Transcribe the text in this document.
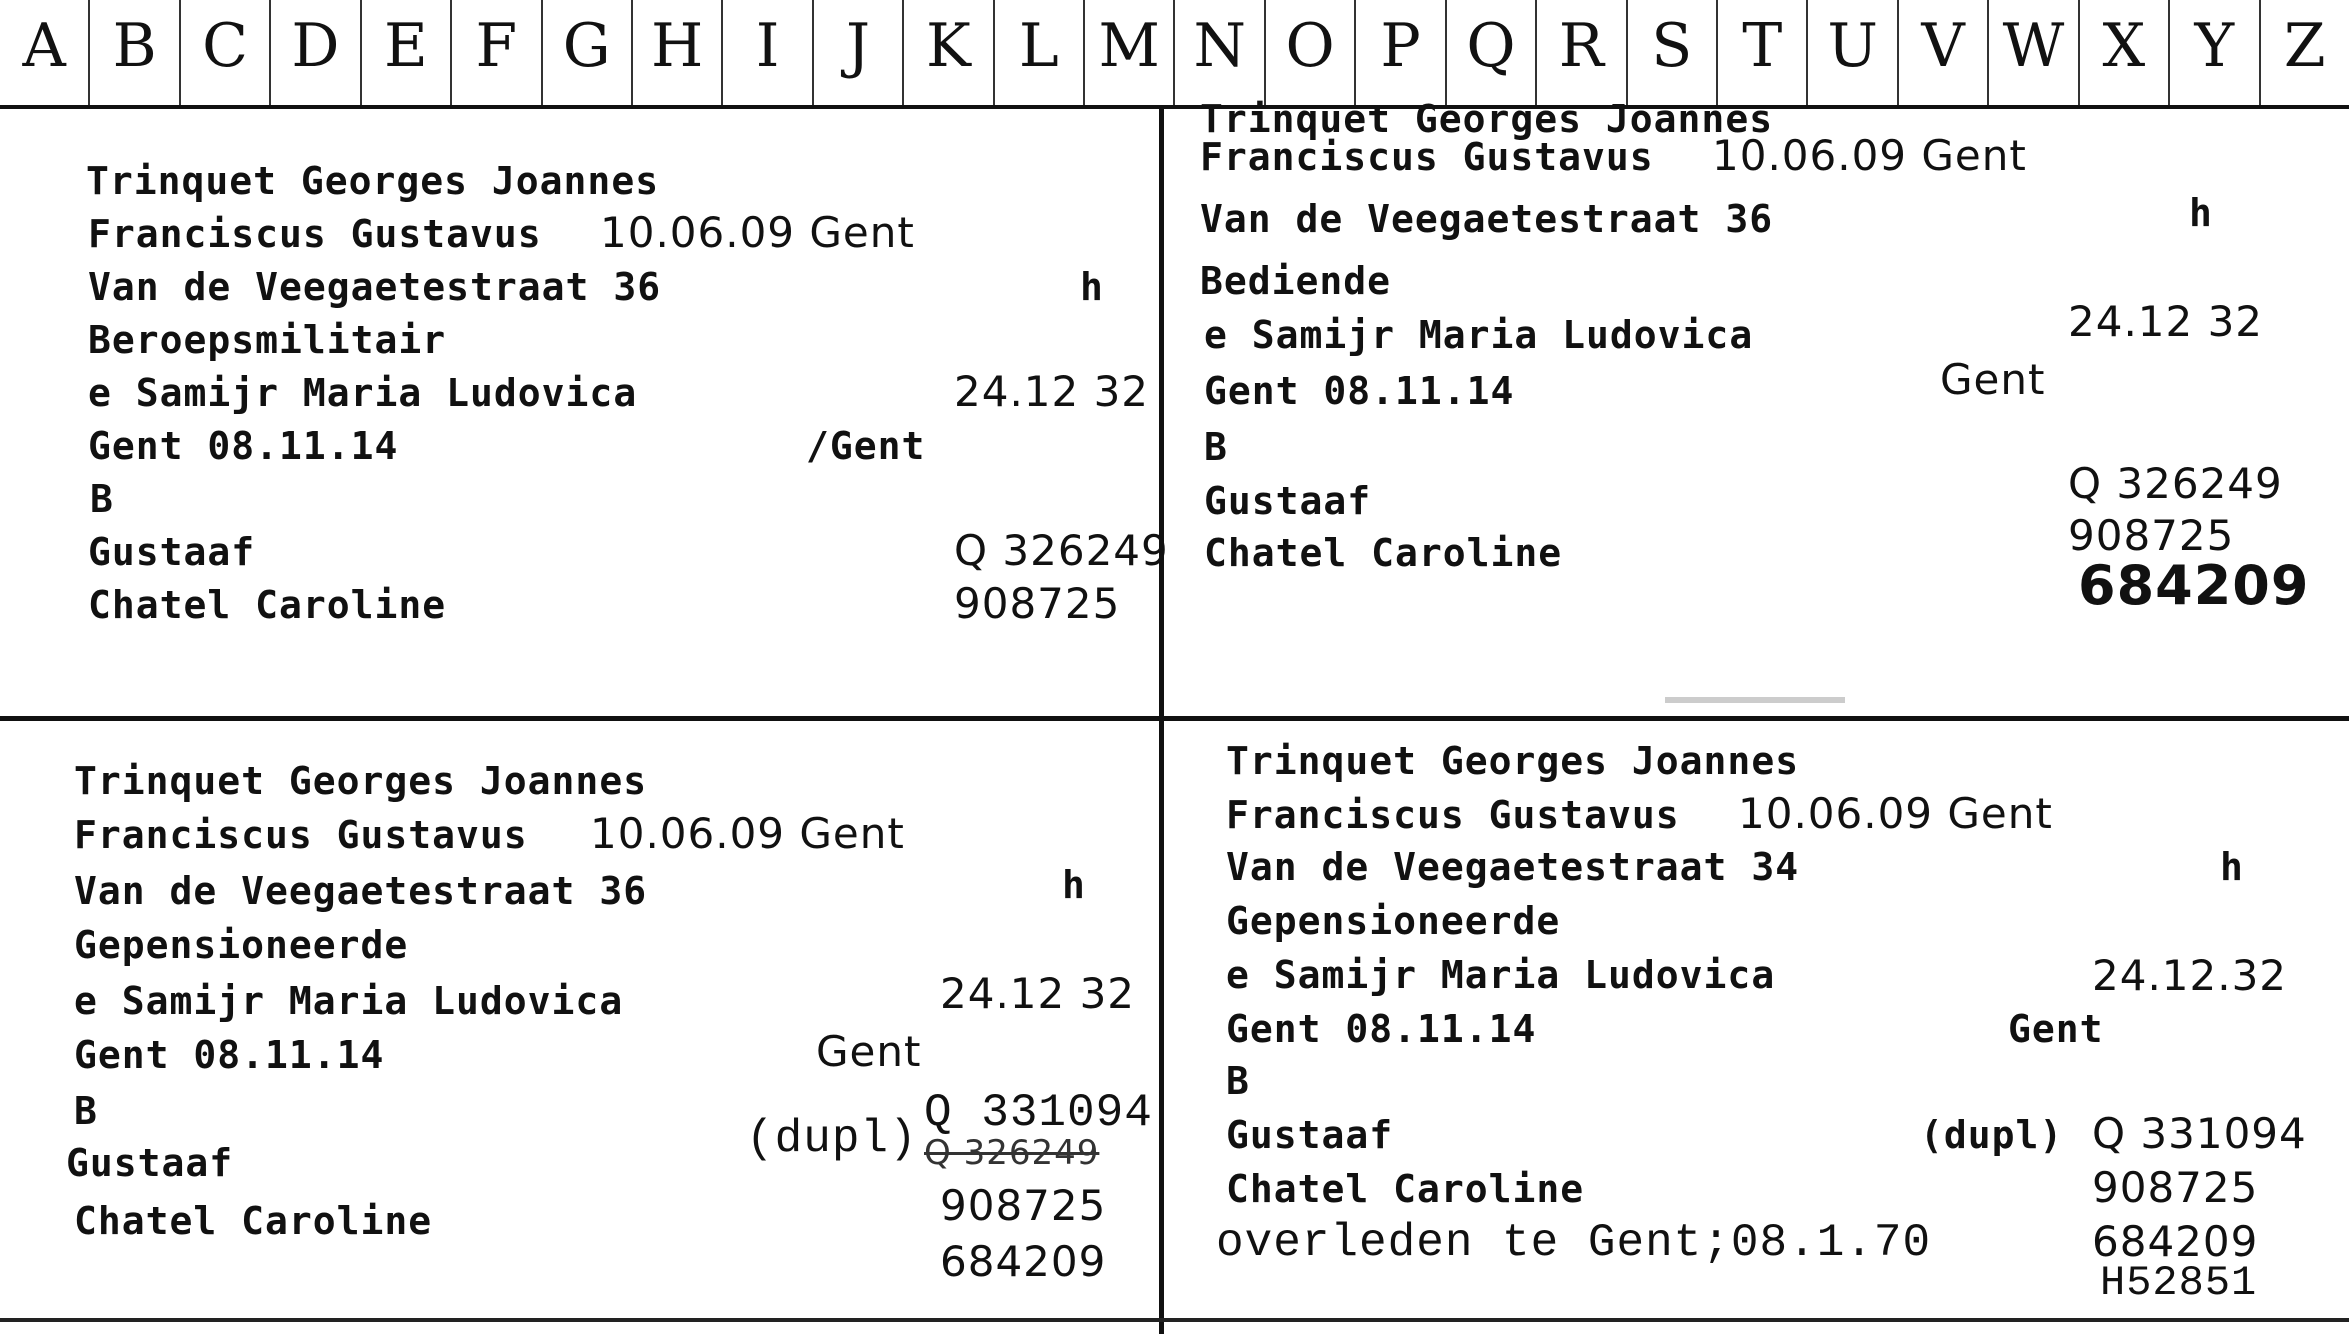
A B C D E F G H I	J K L M N O P Q R S T U V W X Y Z
Trinquet Georges Joannes
Franciscus Gustavus 10.06.09 Gent
Van de Veegaetestraat 36	h
Beroepsmilitair
e Samijr Maria Ludovica	24.12 32
Gent 08.11.14	/Gent
B
Gustaaf	Q 326249
Chatel Caroline	908725
Trinquet Georges Joannes
Franciscus Gustavus 10.06.09 Gent
Van de Veegaetestraat 36	h
Bediende
e Samijr Maria Ludovica	24.12 32
Gent 08.11.14	Gent
B
Gustaaf	Q 326249
Chatel Caroline	908725
684209
Trinquet Georges Joannes
Franciscus Gustavus 10.06.09 Gent
Van de Veegaetestraat 36	h
Gepensioneerde
e Samijr Maria Ludovica	24.12 32
Gent 08.11.14	Gent
B
Gustaaf	(dupl) Q 331094
Q 326249
Chatel Caroline	908725
684209
Trinquet Georges Joannes
Franciscus Gustavus 10.06.09 Gent
Van de Veegaetestraat 34	h
Gepensioneerde
e Samijr Maria Ludovica	24.12.32
Gent 08.11.14	Gent
B
Gustaaf	(dupl) Q 331094
Chatel Caroline	908725
overleden te Gent;08.1.70	684209
H52851
